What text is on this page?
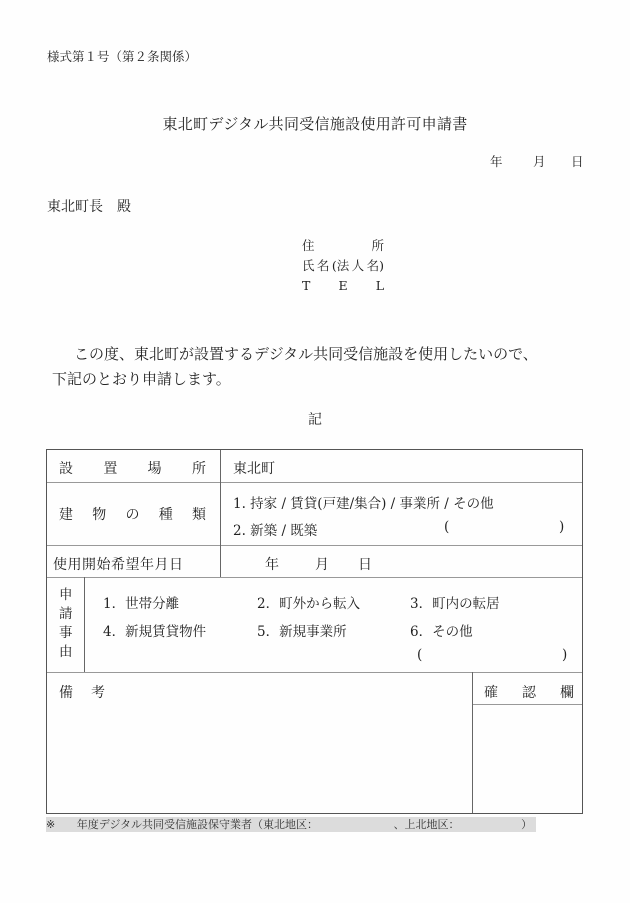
様式第１号（第２条関係）
東北町デジタル共同受信施設使用許可申請書
年 月 日
東北町長　殿
住	所
氏 名 (法 人 名)
T E L
この度、東北町が設置するデジタル共同受信施設を使用したいので、
下記のとおり申請します。
記
設 置 場 所 東北町
建 物 の 種 類
1. 持家 / 賃貸(戸建/集合) / 事業所 / その他
2. 新築 / 既築	(	)
使用開始希望年月日	年	月 日
申
請
事
由
1．世帯分離	2．町外から転入	3．町内の転居
4．新規賃貸物件	5．新規事業所	6．その他
(	)
備 考	確 認 欄
※ 年度デジタル共同受信施設保守業者（東北地区：	、上北地区：	）
